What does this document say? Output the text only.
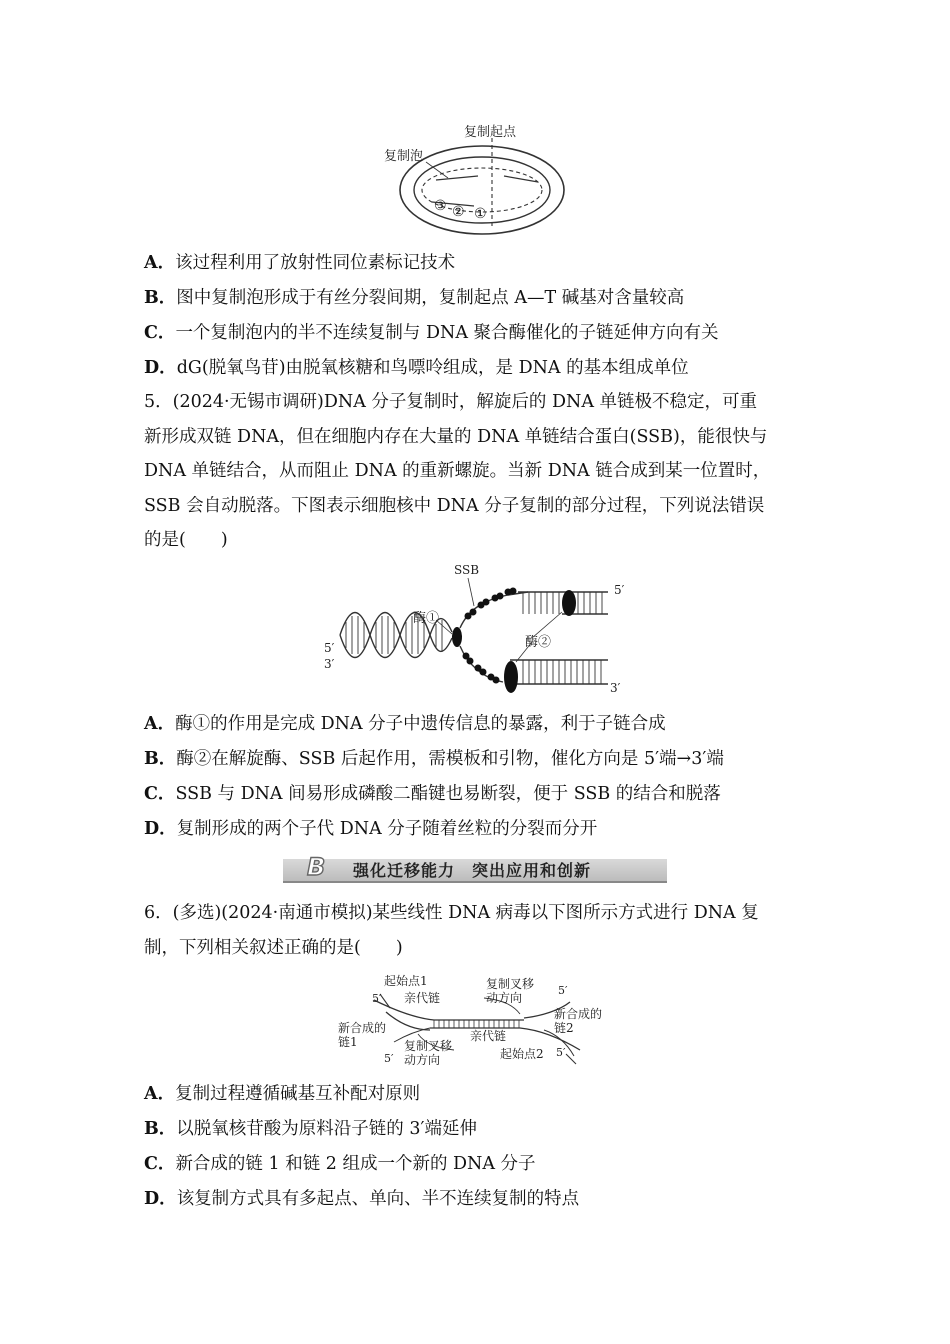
复制起点
复制泡
③ ② ①
A．该过程利用了放射性同位素标记技术
B．图中复制泡形成于有丝分裂间期，复制起点 A—T 碱基对含量较高
C．一个复制泡内的半不连续复制与 DNA 聚合酶催化的子链延伸方向有关
D．dG(脱氧鸟苷)由脱氧核糖和鸟嘌呤组成，是 DNA 的基本组成单位
5．(2024·无锡市调研)DNA 分子复制时，解旋后的 DNA 单链极不稳定，可重
新形成双链 DNA，但在细胞内存在大量的 DNA 单链结合蛋白(SSB)，能很快与
DNA 单链结合，从而阻止 DNA 的重新螺旋。当新 DNA 链合成到某一位置时，
SSB 会自动脱落。下图表示细胞核中 DNA 分子复制的部分过程，下列说法错误
的是(　　)
SSB
酶①
酶②
5′
3′
5′
3′
A．酶①的作用是完成 DNA 分子中遗传信息的暴露，利于子链合成
B．酶②在解旋酶、SSB 后起作用，需模板和引物，催化方向是 5′端→3′端
C．SSB 与 DNA 间易形成磷酸二酯键也易断裂，便于 SSB 的结合和脱落
D．复制形成的两个子代 DNA 分子随着丝粒的分裂而分开
B	强化迁移能力　突出应用和创新
6．(多选)(2024·南通市模拟)某些线性 DNA 病毒以下图所示方式进行 DNA 复
制，下列相关叙述正确的是(　　)
起始点1
亲代链
复制叉移
动方向
新合成的
链2
新合成的
链1	亲代链
复制叉移
动方向	起始点2
5′
5′
5′	5′
A．复制过程遵循碱基互补配对原则
B．以脱氧核苷酸为原料沿子链的 3′端延伸
C．新合成的链 1 和链 2 组成一个新的 DNA 分子
D．该复制方式具有多起点、单向、半不连续复制的特点
